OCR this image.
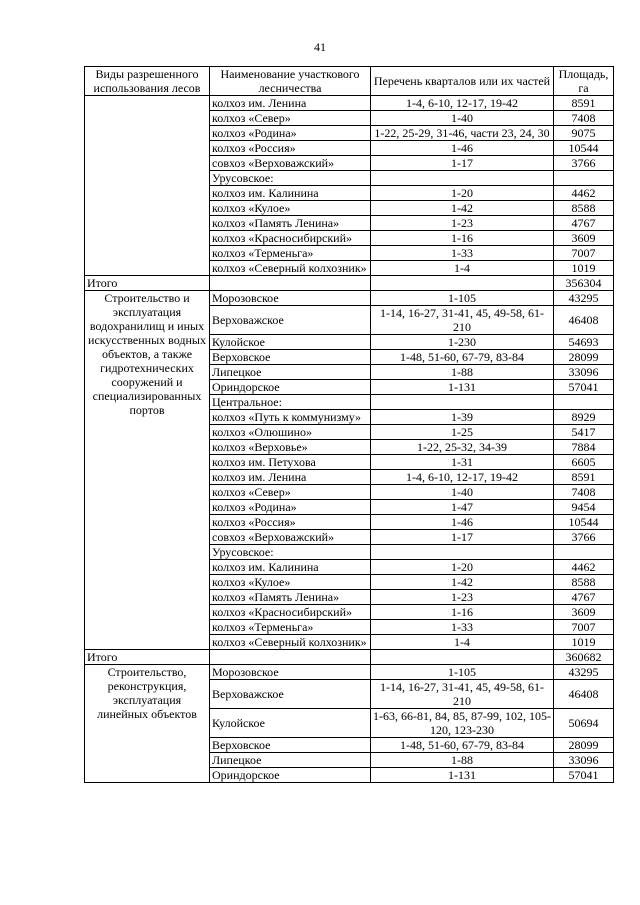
41
Виды разрешенного использования лесов	Наименование участкового лесничества	Перечень кварталов или их частей	Площадь, га
	колхоз им. Ленина	1-4, 6-10, 12-17, 19-42	8591
	колхоз «Север»	1-40	7408
	колхоз «Родина»	1-22, 25-29, 31-46, части 23, 24, 30	9075
	колхоз «Россия»	1-46	10544
	совхоз «Верховажский»	1-17	3766
	Урусовское:		
	колхоз им. Калинина	1-20	4462
	колхоз «Кулое»	1-42	8588
	колхоз «Память Ленина»	1-23	4767
	колхоз «Красносибирский»	1-16	3609
	колхоз «Терменьга»	1-33	7007
	колхоз «Северный колхозник»	1-4	1019
Итого			356304
Строительство и эксплуатация водохранилищ и иных искусственных водных объектов, а также гидротехнических сооружений и специализированных портов	Морозовское	1-105	43295
	Верховажское	1-14, 16-27, 31-41, 45, 49-58, 61-210	46408
	Кулойское	1-230	54693
	Верховское	1-48, 51-60, 67-79, 83-84	28099
	Липецкое	1-88	33096
	Ориндорское	1-131	57041
	Центральное:		
	колхоз «Путь к коммунизму»	1-39	8929
	колхоз «Олюшино»	1-25	5417
	колхоз «Верховье»	1-22, 25-32, 34-39	7884
	колхоз им. Петухова	1-31	6605
	колхоз им. Ленина	1-4, 6-10, 12-17, 19-42	8591
	колхоз «Север»	1-40	7408
	колхоз «Родина»	1-47	9454
	колхоз «Россия»	1-46	10544
	совхоз «Верховажский»	1-17	3766
	Урусовское:		
	колхоз им. Калинина	1-20	4462
	колхоз «Кулое»	1-42	8588
	колхоз «Память Ленина»	1-23	4767
	колхоз «Красносибирский»	1-16	3609
	колхоз «Терменьга»	1-33	7007
	колхоз «Северный колхозник»	1-4	1019
Итого			360682
Строительство, реконструкция, эксплуатация линейных объектов	Морозовское	1-105	43295
	Верховажское	1-14, 16-27, 31-41, 45, 49-58, 61-210	46408
	Кулойское	1-63, 66-81, 84, 85, 87-99, 102, 105-120, 123-230	50694
	Верховское	1-48, 51-60, 67-79, 83-84	28099
	Липецкое	1-88	33096
	Ориндорское	1-131	57041
